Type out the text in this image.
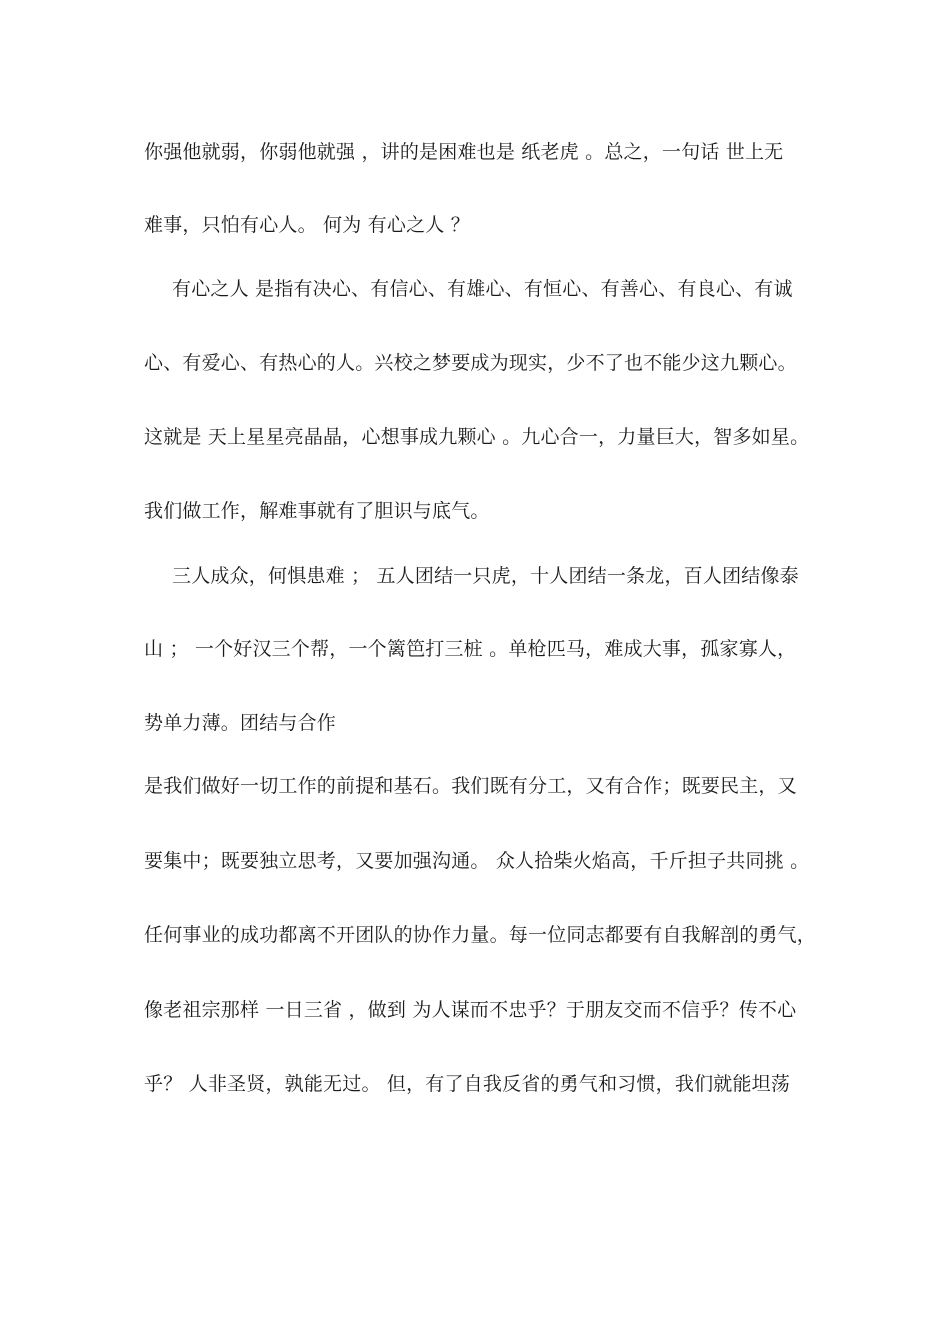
你强他就弱，你弱他就强 ，讲的是困难也是 纸老虎 。总之，一句话 世上无
难事，只怕有心人。 何为 有心之人 ？
有心之人 是指有决心、有信心、有雄心、有恒心、有善心、有良心、有诚
心、有爱心、有热心的人。兴校之梦要成为现实，少不了也不能少这九颗心。
这就是 天上星星亮晶晶，心想事成九颗心 。九心合一，力量巨大，智多如星。
我们做工作，解难事就有了胆识与底气。
三人成众，何惧患难 ； 五人团结一只虎，十人团结一条龙，百人团结像泰
山 ； 一个好汉三个帮，一个篱笆打三桩 。单枪匹马，难成大事，孤家寡人，
势单力薄。团结与合作
是我们做好一切工作的前提和基石。我们既有分工，又有合作；既要民主，又
要集中；既要独立思考，又要加强沟通。 众人拾柴火焰高，千斤担子共同挑 。
任何事业的成功都离不开团队的协作力量。每一位同志都要有自我解剖的勇气，
像老祖宗那样 一日三省 ，做到 为人谋而不忠乎？于朋友交而不信乎？传不心
乎？ 人非圣贤，孰能无过。 但，有了自我反省的勇气和习惯，我们就能坦荡
